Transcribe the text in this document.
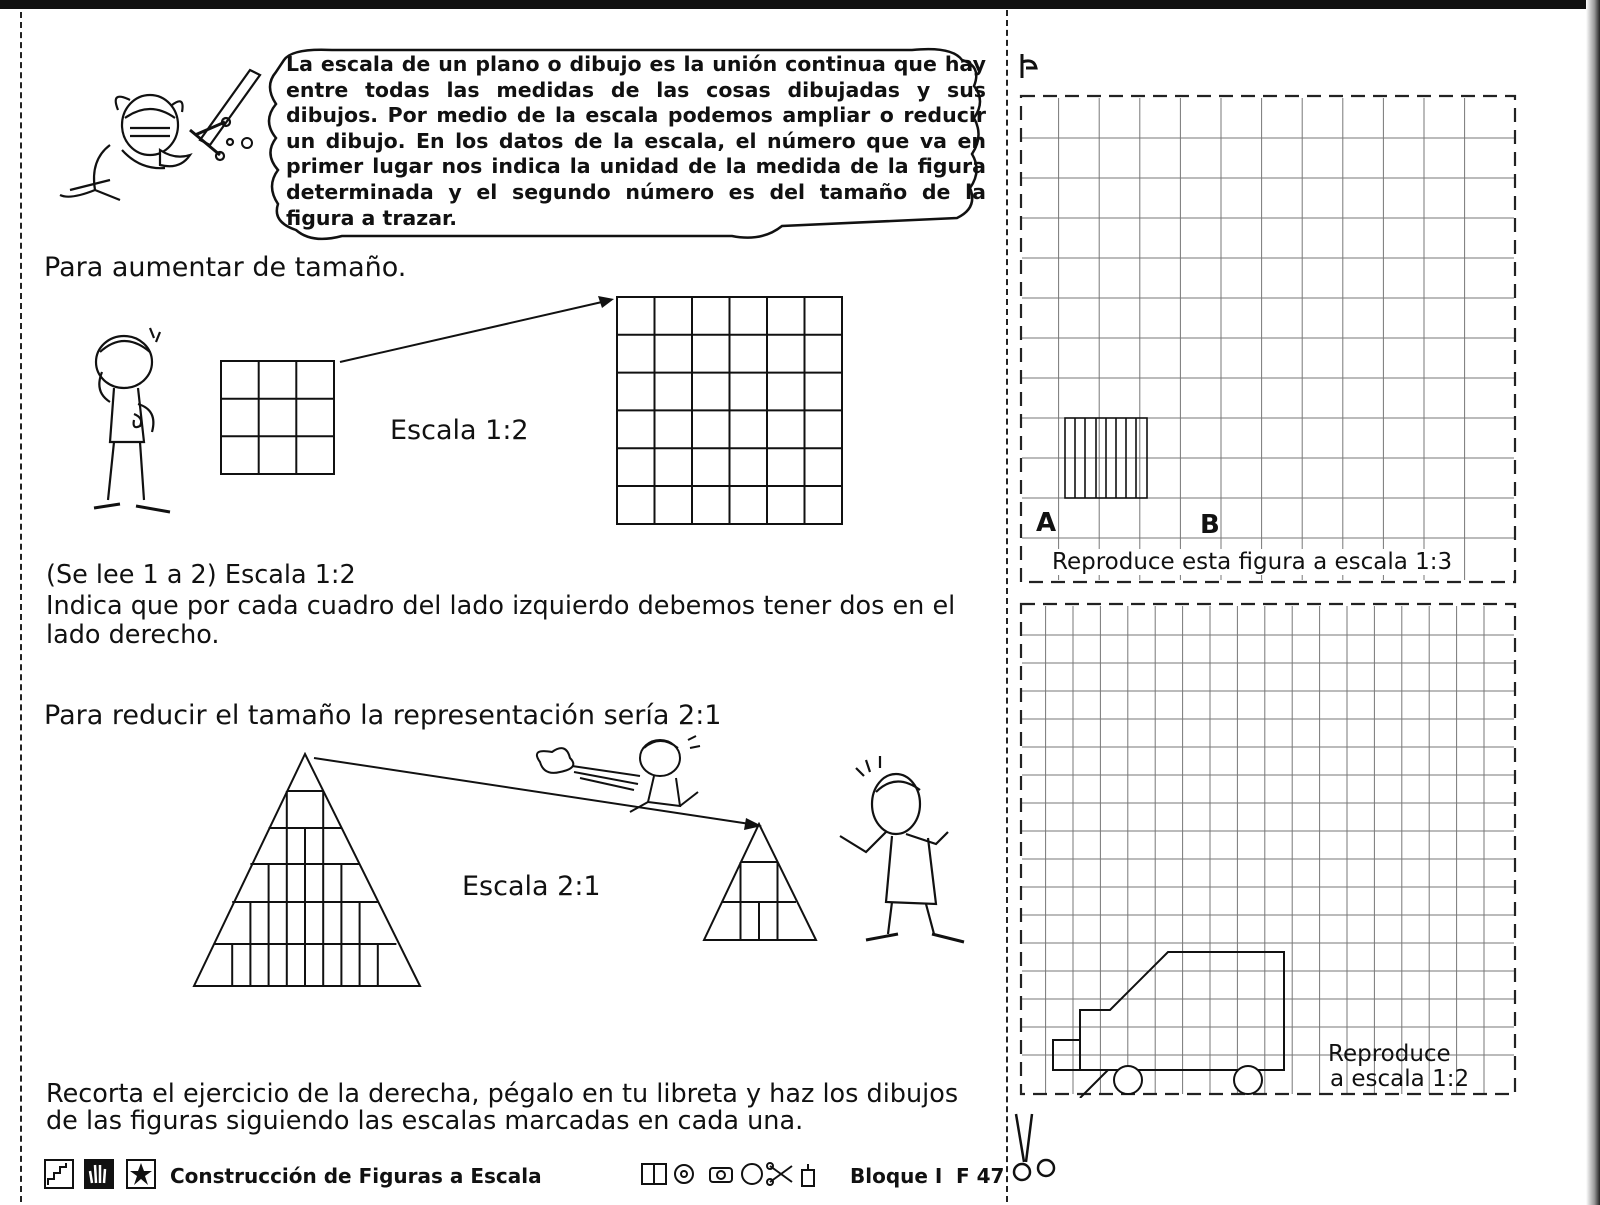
La escala de un plano o dibujo es la unión continua que hay entre todas las medidas de las cosas dibujadas y sus dibujos. Por medio de la escala podemos ampliar o reducir un dibujo. En los datos de la escala, el número que va en primer lugar nos indica la unidad de la medida de la figura determinada y el segundo número es del tamaño de la figura a trazar.
Para aumentar de tamaño.
Escala 1:2
(Se lee 1 a 2) Escala 1:2
Indica que por cada cuadro del lado izquierdo debemos tener dos en el lado derecho.
Para reducir el tamaño la representación sería 2:1
Escala 2:1
Recorta el ejercicio de la derecha, pégalo en tu libreta y haz los dibujos de las figuras siguiendo las escalas marcadas en cada una.
Construcción de Figuras a Escala	Bloque I F 47
A	B
Reproduce esta figura a escala 1:3
Reproduce
a escala 1:2
